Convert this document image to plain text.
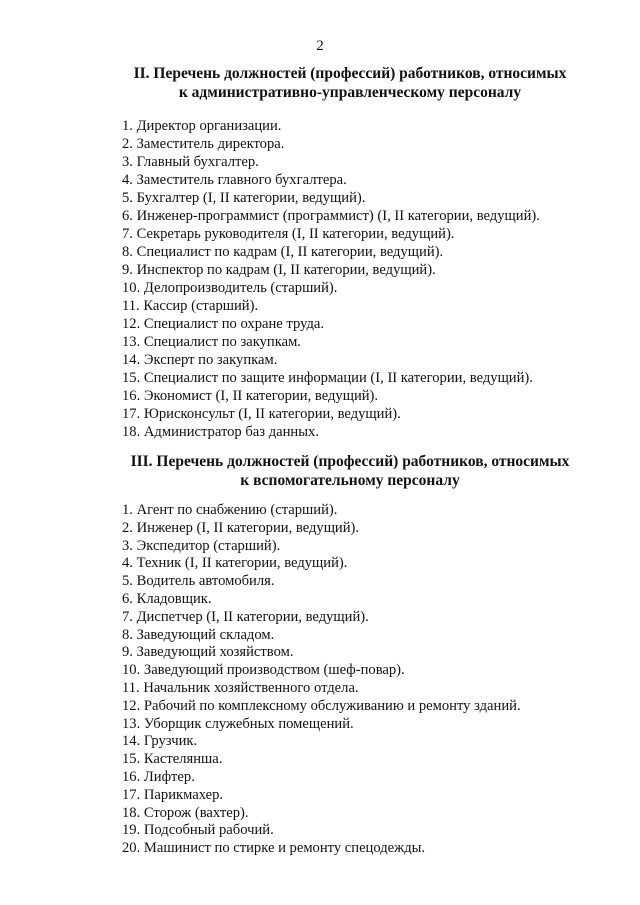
2
II. Перечень должностей (профессий) работников, относимых
к административно-управленческому персоналу
1. Директор организации.
2. Заместитель директора.
3. Главный бухгалтер.
4. Заместитель главного бухгалтера.
5. Бухгалтер (I, II категории, ведущий).
6. Инженер-программист (программист) (I, II категории, ведущий).
7. Секретарь руководителя (I, II категории, ведущий).
8. Специалист по кадрам (I, II категории, ведущий).
9. Инспектор по кадрам (I, II категории, ведущий).
10. Делопроизводитель (старший).
11. Кассир (старший).
12. Специалист по охране труда.
13. Специалист по закупкам.
14. Эксперт по закупкам.
15. Специалист по защите информации (I, II категории, ведущий).
16. Экономист (I, II категории, ведущий).
17. Юрисконсульт (I, II категории, ведущий).
18. Администратор баз данных.
III. Перечень должностей (профессий) работников, относимых
к вспомогательному персоналу
1. Агент по снабжению (старший).
2. Инженер (I, II категории, ведущий).
3. Экспедитор (старший).
4. Техник (I, II категории, ведущий).
5. Водитель автомобиля.
6. Кладовщик.
7. Диспетчер (I, II категории, ведущий).
8. Заведующий складом.
9. Заведующий хозяйством.
10. Заведующий производством (шеф-повар).
11. Начальник хозяйственного отдела.
12. Рабочий по комплексному обслуживанию и ремонту зданий.
13. Уборщик служебных помещений.
14. Грузчик.
15. Кастелянша.
16. Лифтер.
17. Парикмахер.
18. Сторож (вахтер).
19. Подсобный рабочий.
20. Машинист по стирке и ремонту спецодежды.
